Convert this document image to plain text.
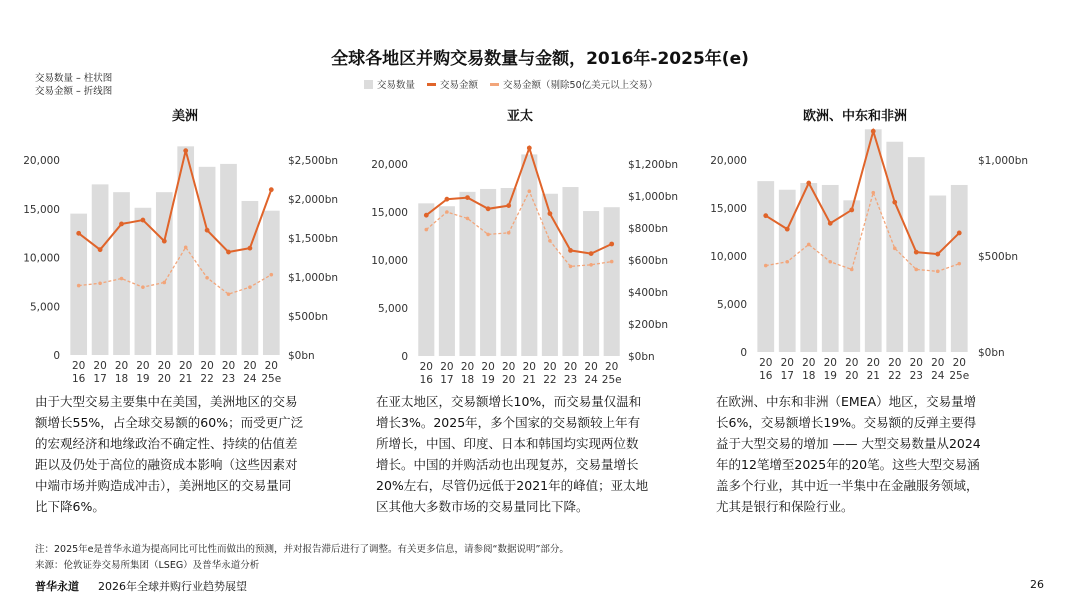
全球各地区并购交易数量与金额，2016年-2025年(e)
交易数量 – 柱状图
交易金额 – 折线图
交易数量	交易金额	交易金额（剔除50亿美元以上交易）
美洲	亚太	欧洲、中东和非洲
0
5,000
10,000
15,000
20,000
$0bn
$500bn
$1,000bn
$1,500bn
$2,000bn
$2,500bn
20 16
20 17
20 18
20 19
20 20
20 21
20 22
20 23
20 24
20 25e
0
5,000
10,000
15,000
20,000
$0bn
$200bn
$400bn
$600bn
$800bn
$1,000bn
$1,200bn
20 16
20 17
20 18
20 19
20 20
20 21
20 22
20 23
20 24
20 25e
0
5,000
10,000
15,000
20,000
$0bn
$500bn
$1,000bn
20 16
20 17
20 18
20 19
20 20
20 21
20 22
20 23
20 24
20 25e
由于大型交易主要集中在美国，美洲地区的交易
额增长55%，占全球交易额的60%；而受更广泛
的宏观经济和地缘政治不确定性、持续的估值差
距以及仍处于高位的融资成本影响（这些因素对
中端市场并购造成冲击），美洲地区的交易量同
比下降6%。
在亚太地区，交易额增长10%，而交易量仅温和
增长3%。2025年，多个国家的交易额较上年有
所增长，中国、印度、日本和韩国均实现两位数
增长。中国的并购活动也出现复苏，交易量增长
20%左右，尽管仍远低于2021年的峰值；亚太地
区其他大多数市场的交易量同比下降。
在欧洲、中东和非洲（EMEA）地区，交易量增
长6%，交易额增长19%。交易额的反弹主要得
益于大型交易的增加 —— 大型交易数量从2024
年的12笔增至2025年的20笔。这些大型交易涵
盖多个行业，其中近一半集中在金融服务领域，
尤其是银行和保险行业。
注：2025年e是普华永道为提高同比可比性而做出的预测，并对报告滞后进行了调整。有关更多信息，请参阅“数据说明”部分。
来源：伦敦证券交易所集团（LSEG）及普华永道分析
普华永道 2026年全球并购行业趋势展望	26
